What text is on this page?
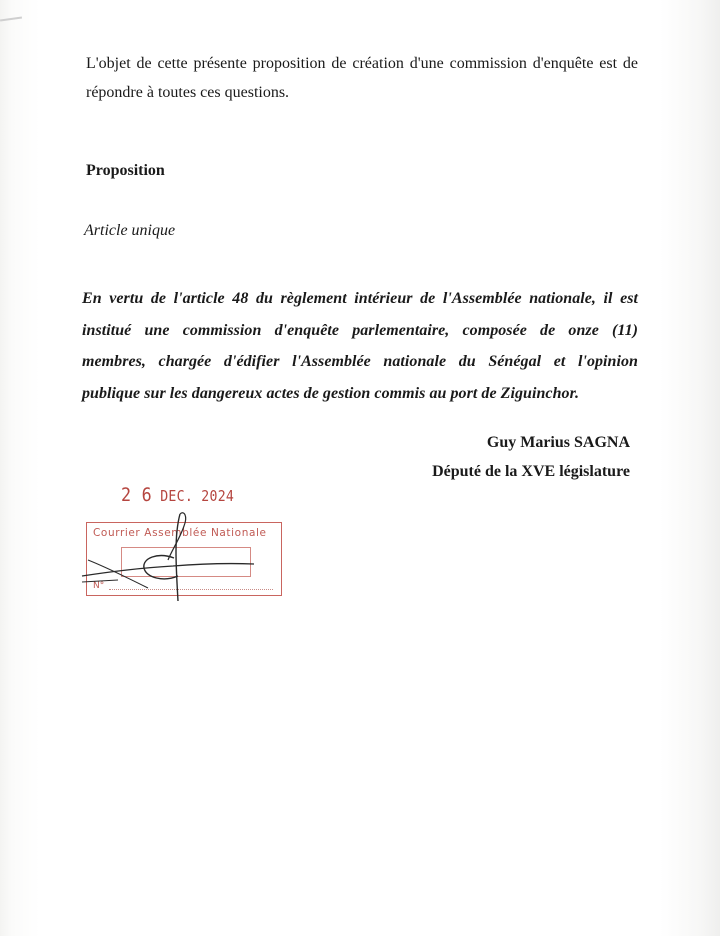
L'objet de cette présente proposition de création d'une commission d'enquête est de répondre à toutes ces questions.

Proposition

Article unique

En vertu de l'article 48 du règlement intérieur de l'Assemblée nationale, il est
institué une commission d'enquête parlementaire, composée de onze (11)
membres, chargée d'édifier l'Assemblée nationale du Sénégal et l'opinion
publique sur les dangereux actes de gestion commis au port de Ziguinchor.

Guy Marius SAGNA

Député de la XVE législature

2 6 DEC. 2024
Courrier Assemblée Nationale
N°
